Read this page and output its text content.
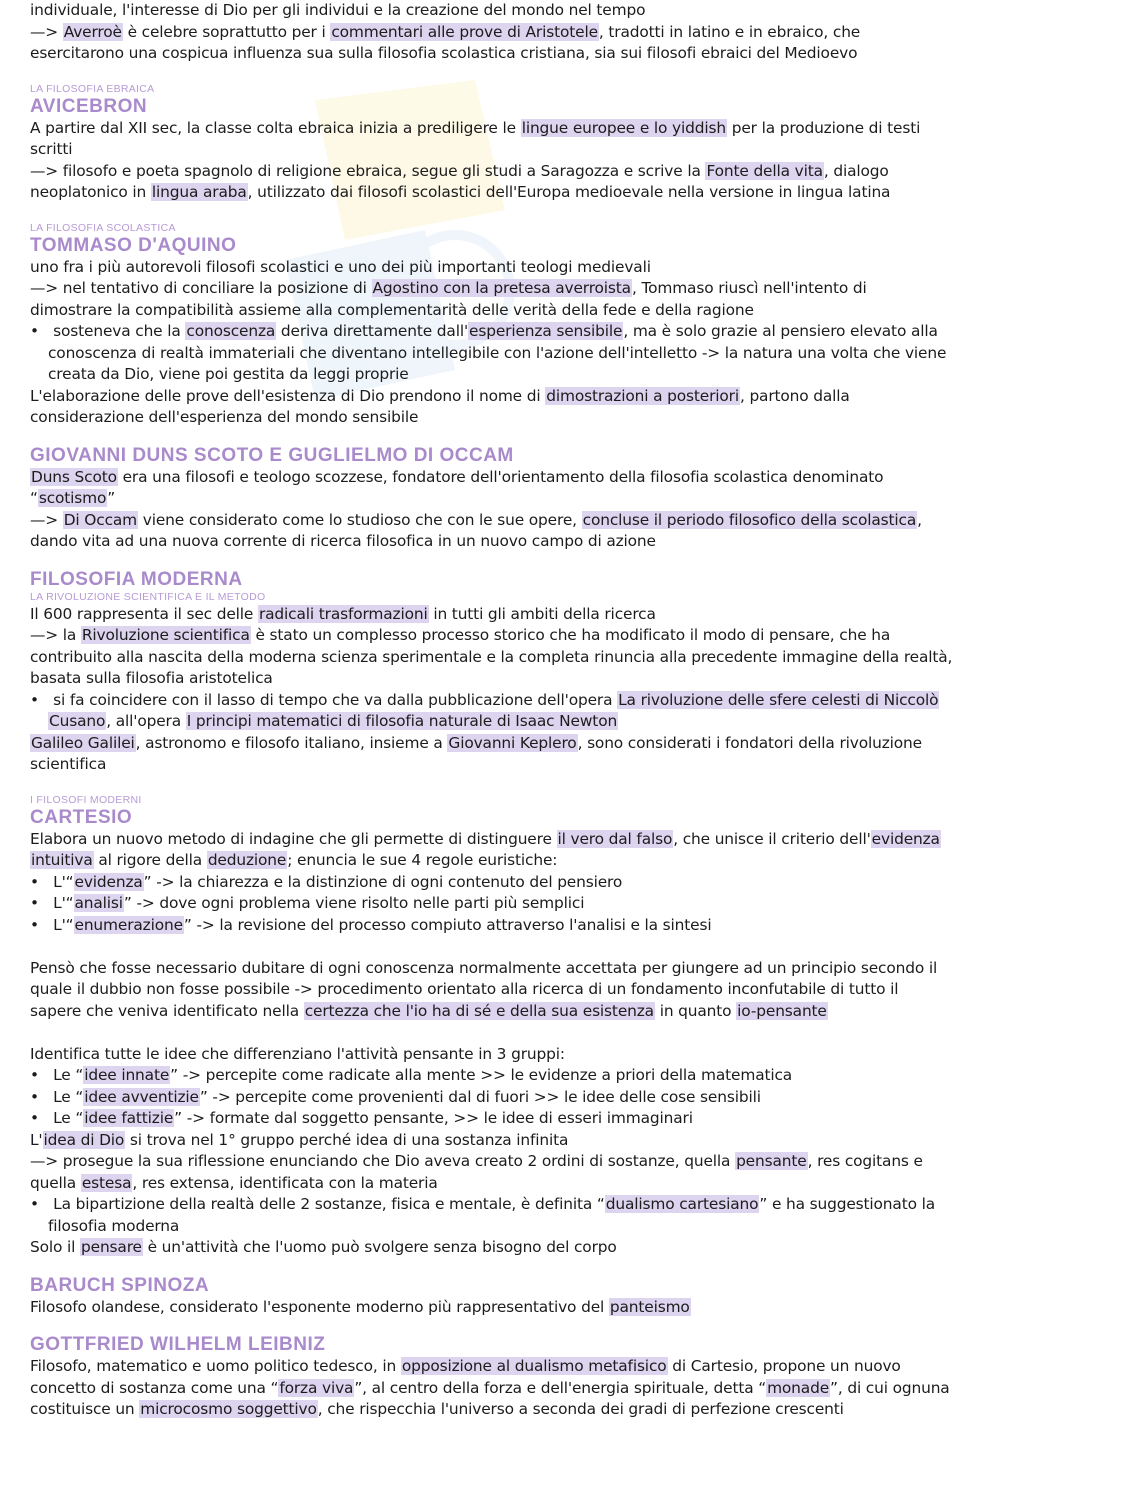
individuale, l'interesse di Dio per gli individui e la creazione del mondo nel tempo
—> Averroè è celebre soprattutto per i commentari alle prove di Aristotele, tradotti in latino e in ebraico, che
esercitarono una cospicua influenza sua sulla filosofia scolastica cristiana, sia sui filosofi ebraici del Medioevo
LA FILOSOFIA EBRAICA
AVICEBRON
A partire dal XII sec, la classe colta ebraica inizia a prediligere le lingue europee e lo yiddish per la produzione di testi
scritti
—> filosofo e poeta spagnolo di religione ebraica, segue gli studi a Saragozza e scrive la Fonte della vita, dialogo
neoplatonico in lingua araba, utilizzato dai filosofi scolastici dell'Europa medioevale nella versione in lingua latina
LA FILOSOFIA SCOLASTICA
TOMMASO D'AQUINO
uno fra i più autorevoli filosofi scolastici e uno dei più importanti teologi medievali
—> nel tentativo di conciliare la posizione di Agostino con la pretesa averroista, Tommaso riuscì nell'intento di
dimostrare la compatibilità assieme alla complementarità delle verità della fede e della ragione
•   sosteneva che la conoscenza deriva direttamente dall'esperienza sensibile, ma è solo grazie al pensiero elevato alla
conoscenza di realtà immateriali che diventano intellegibile con l'azione dell'intelletto -> la natura una volta che viene
creata da Dio, viene poi gestita da leggi proprie
L'elaborazione delle prove dell'esistenza di Dio prendono il nome di dimostrazioni a posteriori, partono dalla
considerazione dell'esperienza del mondo sensibile
GIOVANNI DUNS SCOTO E GUGLIELMO DI OCCAM
Duns Scoto era una filosofi e teologo scozzese, fondatore dell'orientamento della filosofia scolastica denominato
“scotismo”
—> Di Occam viene considerato come lo studioso che con le sue opere, concluse il periodo filosofico della scolastica,
dando vita ad una nuova corrente di ricerca filosofica in un nuovo campo di azione
FILOSOFIA MODERNA
LA RIVOLUZIONE SCIENTIFICA E IL METODO
Il 600 rappresenta il sec delle radicali trasformazioni in tutti gli ambiti della ricerca
—> la Rivoluzione scientifica è stato un complesso processo storico che ha modificato il modo di pensare, che ha
contribuito alla nascita della moderna scienza sperimentale e la completa rinuncia alla precedente immagine della realtà,
basata sulla filosofia aristotelica
•   si fa coincidere con il lasso di tempo che va dalla pubblicazione dell'opera La rivoluzione delle sfere celesti di Niccolò
Cusano, all'opera I principi matematici di filosofia naturale di Isaac Newton
Galileo Galilei, astronomo e filosofo italiano, insieme a Giovanni Keplero, sono considerati i fondatori della rivoluzione
scientifica
I FILOSOFI MODERNI
CARTESIO
Elabora un nuovo metodo di indagine che gli permette di distinguere il vero dal falso, che unisce il criterio dell'evidenza
intuitiva al rigore della deduzione; enuncia le sue 4 regole euristiche:
•   L'“evidenza” -> la chiarezza e la distinzione di ogni contenuto del pensiero
•   L'“analisi” -> dove ogni problema viene risolto nelle parti più semplici
•   L'“enumerazione” -> la revisione del processo compiuto attraverso l'analisi e la sintesi
Pensò che fosse necessario dubitare di ogni conoscenza normalmente accettata per giungere ad un principio secondo il
quale il dubbio non fosse possibile -> procedimento orientato alla ricerca di un fondamento inconfutabile di tutto il
sapere che veniva identificato nella certezza che l'io ha di sé e della sua esistenza in quanto io-pensante
Identifica tutte le idee che differenziano l'attività pensante in 3 gruppi:
•   Le “idee innate” -> percepite come radicate alla mente >> le evidenze a priori della matematica
•   Le “idee avventizie” -> percepite come provenienti dal di fuori >> le idee delle cose sensibili
•   Le “idee fattizie” -> formate dal soggetto pensante, >> le idee di esseri immaginari
L'idea di Dio si trova nel 1° gruppo perché idea di una sostanza infinita
—> prosegue la sua riflessione enunciando che Dio aveva creato 2 ordini di sostanze, quella pensante, res cogitans e
quella estesa, res extensa, identificata con la materia
•   La bipartizione della realtà delle 2 sostanze, fisica e mentale, è definita “dualismo cartesiano” e ha suggestionato la
filosofia moderna
Solo il pensare è un'attività che l'uomo può svolgere senza bisogno del corpo
BARUCH SPINOZA
Filosofo olandese, considerato l'esponente moderno più rappresentativo del panteismo
GOTTFRIED WILHELM LEIBNIZ
Filosofo, matematico e uomo politico tedesco, in opposizione al dualismo metafisico di Cartesio, propone un nuovo
concetto di sostanza come una “forza viva”, al centro della forza e dell'energia spirituale, detta “monade”, di cui ognuna
costituisce un microcosmo soggettivo, che rispecchia l'universo a seconda dei gradi di perfezione crescenti
